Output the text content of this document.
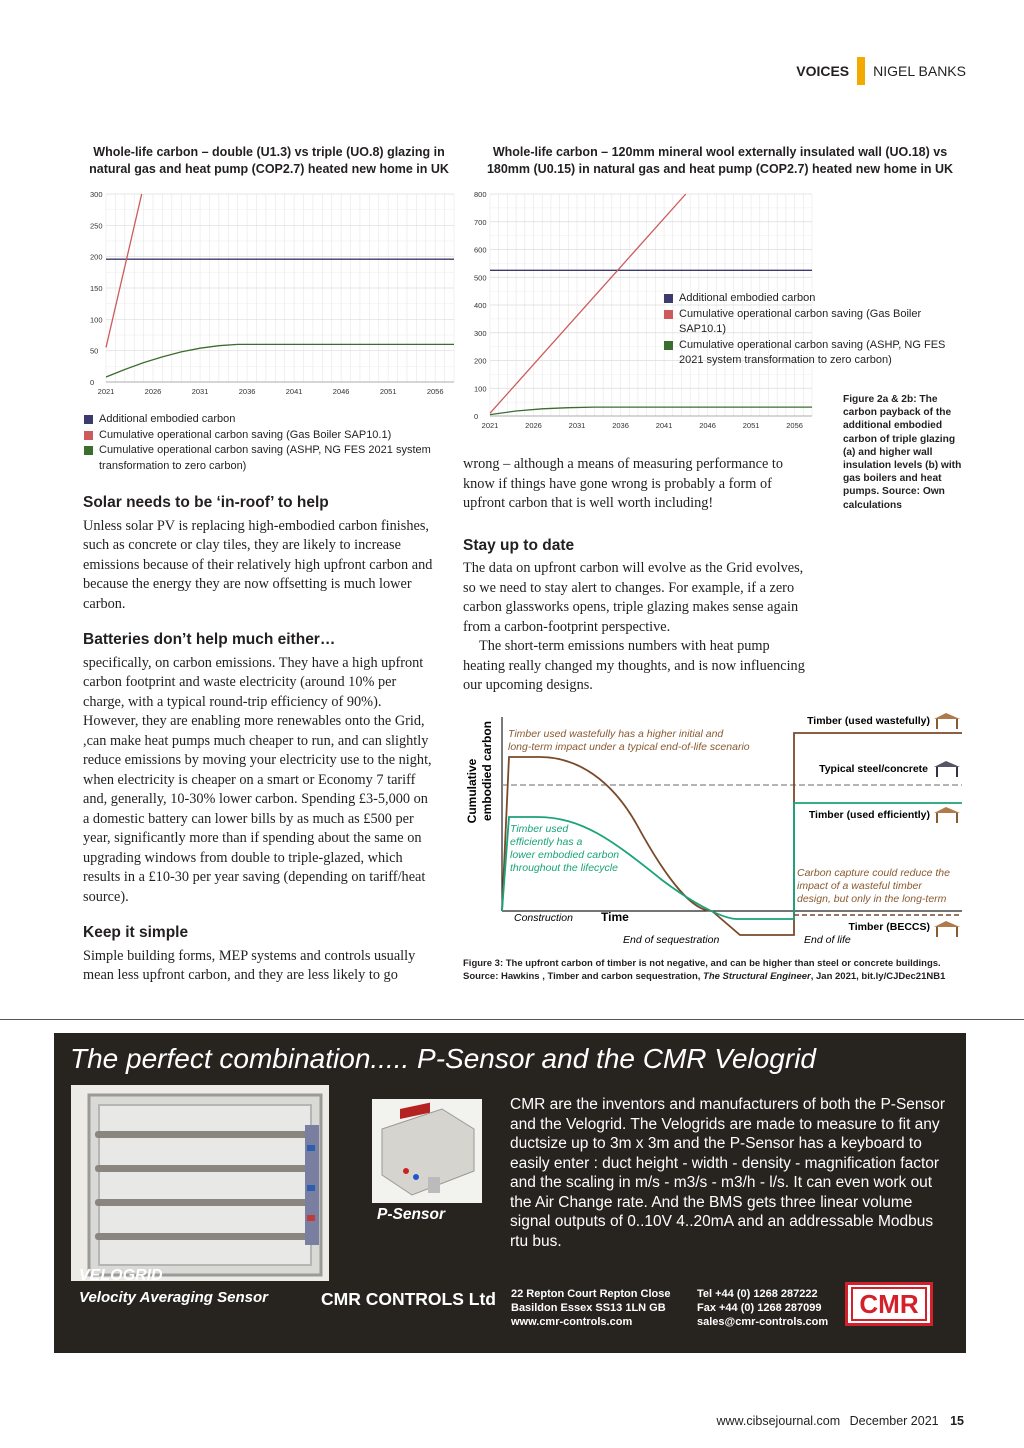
VOICES NIGEL BANKS
Whole-life carbon – double (U1.3) vs triple (UO.8) glazing in natural gas and heat pump (COP2.7) heated new home in UK
0
50
100
150
200
250
300
2021	2026	2031	2036	2041	2046	2051	2056
Additional embodied carbon
Cumulative operational carbon saving (Gas Boiler SAP10.1)
Cumulative operational carbon saving (ASHP, NG FES 2021 system transformation to zero carbon)
Whole-life carbon – 120mm mineral wool externally insulated wall (UO.18) vs 180mm (U0.15) in natural gas and heat pump (COP2.7) heated new home in UK
0
100
200
300
400
500
600
700
800
2021	2026	2031	2036	2041	2046	2051	2056
Additional embodied carbon
Cumulative operational carbon saving (Gas Boiler SAP10.1)
Cumulative operational carbon saving (ASHP, NG FES 2021 system transformation to zero carbon)
Figure 2a & 2b: The carbon payback of the additional embodied carbon of triple glazing (a) and higher wall insulation levels (b) with gas boilers and heat pumps. Source: Own calculations
Solar needs to be ‘in-roof’ to help

Unless solar PV is replacing high-embodied carbon finishes, such as concrete or clay tiles, they are likely to increase emissions because of their relatively high upfront carbon and because the energy they are now offsetting is much lower carbon.

Batteries don’t help much either…

specifically, on carbon emissions. They have a high upfront carbon footprint and waste electricity (around 10% per charge, with a typical round-trip efficiency of 90%). However, they are enabling more renewables onto the Grid, ,can make heat pumps much cheaper to run, and can slightly reduce emissions by moving your electricity use to the night, when electricity is cheaper on a smart or Economy 7 tariff and, generally, 10-30% lower carbon. Spending £3-5,000 on a domestic battery can lower bills by as much as £500 per year, significantly more than if spending about the same on upgrading windows from double to triple-glazed, which results in a £10-30 per year saving (depending on tariff/heat source).

Keep it simple

Simple building forms, MEP systems and controls usually mean less upfront carbon, and they are less likely to go

wrong – although a means of measuring performance to know if things have gone wrong is probably a form of upfront carbon that is well worth including!

Stay up to date

The data on upfront carbon will evolve as the Grid evolves, so we need to stay alert to changes. For example, if a zero carbon glassworks opens, triple glazing makes sense again from a carbon-footprint perspective.

The short-term emissions numbers with heat pump heating really changed my thoughts, and is now influencing our upcoming designs.

Cumulative embodied carbon Timber used wastefully has a higher initial and
long-term impact under a typical end-of-life scenario
Timber used
efficiently has a
lower embodied carbon
throughout the lifecycle	Carbon capture could reduce the
impact of a wasteful timber
design, but only in the long-term
Timber (used wastefully)
Typical steel/concrete
Timber (used efficiently)
Timber (BECCS)
Construction Time
End of sequestration	End of life
Figure 3: The upfront carbon of timber is not negative, and can be higher than steel or concrete buildings.
Source: Hawkins , Timber and carbon sequestration, The Structural Engineer, Jan 2021, bit.ly/CJDec21NB1
The perfect combination..... P-Sensor and the CMR Velogrid
VELOGRID
Velocity Averaging Sensor
P-Sensor
CMR are the inventors and manufacturers of both the P-Sensor and the Velogrid. The Velogrids are made to measure to fit any ductsize up to 3m x 3m and the P-Sensor has a keyboard to easily enter : duct height - width - density - magnification factor and the scaling in m/s - m3/s - m3/h - l/s. It can even work out the Air Change rate. And the BMS gets three linear volume signal outputs of 0..10V 4..20mA and an addressable Modbus rtu bus.
CMR CONTROLS Ltd 22 Repton Court Repton Close
Basildon Essex SS13 1LN GB
www.cmr-controls.com
Tel +44 (0) 1268 287222
Fax +44 (0) 1268 287099
sales@cmr-controls.com
CMR
www.cibsejournal.com December 2021 15
